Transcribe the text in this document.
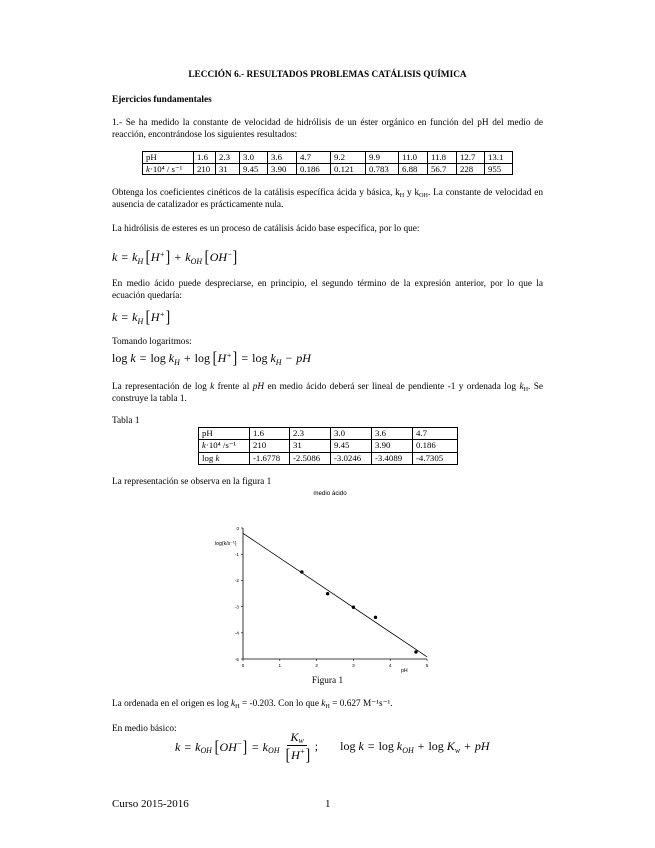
LECCIÓN 6.- RESULTADOS PROBLEMAS CATÁLISIS QUÍMICA
Ejercicios fundamentales
1.- Se ha medido la constante de velocidad de hidrólisis de un éster orgánico en función del pH del medio de reacción, encontrándose los siguientes resultados:
pH	1.6	2.3	3.0	3.6	4.7	9.2	9.9	11.0	11.8	12.7	13.1
k·10⁴ / s⁻¹	210	31	9.45	3.90	0.186	0.121	0.783	6.88	56.7	228	955
Obtenga los coeficientes cinéticos de la catálisis específica ácida y básica, $k_H$ y $k_{OH}$. La constante de velocidad en ausencia de catalizador es prácticamente nula.
La hidrólisis de esteres es un proceso de catálisis ácido base específica, por lo que:
$k = k_H$ $[H^+] + k_{OH}$ [OH−]
En medio ácido puede despreciarse, en principio, el segundo término de la expresión anterior, por lo que la ecuación quedaría:
$k = k_H$ [H+]
Tomando logaritmos:
$\log k = \log k_H + \log [H^+] = \log k_H$ − pH
La representación de log k frente al pH en medio ácido deberá ser lineal de pendiente -1 y ordenada $\log k_H$. Se construye la tabla 1.
Tabla 1
pH	1.6	2.3	3.0	3.6	4.7
k·10⁴ /s⁻¹	210	31	9.45	3.90	0.186
log k	-1.6778	-2.5086	-3.0246	-3.4089	-4.7305
La representación se observa en la figura 1
medio ácido
log(k/s⁻¹)
pH
0	1	2	3	4	5
0
-1
-2
-3
-4
-5
Figura 1
La ordenada en el origen es $\log k_H = -0.203$. Con lo que $k_H = 0.627$ M⁻¹s⁻¹.
En medio básico:
$k = k_{OH}$ $[OH^-] = k_{OH} \frac{K_w}{[H^+]}$ ; $\log k = \log k_{OH} + \log K_w$ + pH
Curso 2015-2016	1
